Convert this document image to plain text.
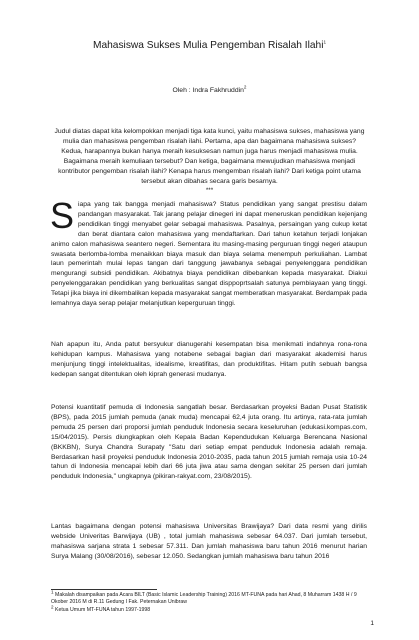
Mahasiswa Sukses Mulia Pengemban Risalah Ilahi$^1$

Oleh : Indra Fakhruddin$^2$

Judul diatas dapat kita kelompokkan menjadi tiga kata kunci, yaitu mahasiswa sukses, mahasiswa yang mulia dan mahasiswa pengemban risalah ilahi. Pertama, apa dan bagaimana mahasiswa sukses? Kedua, harapannya bukan hanya meraih kesuksesan namun juga harus menjadi mahasiswa mulia. Bagaimana meraih kemuliaan tersebut? Dan ketiga, bagaimana mewujudkan mahasiswa menjadi kontributor pengemban risalah ilahi? Kenapa harus mengemban risalah ilahi? Dari ketiga point utama tersebut akan dibahas secara garis besarnya.

***

Siapa yang tak bangga menjadi mahasiswa? Status pendidikan yang sangat prestisu dalam pandangan masyarakat. Tak jarang pelajar dinegeri ini dapat meneruskan pendidikan kejenjang pendidikan tinggi menyabet gelar sebagai mahasiswa. Pasalnya, persaingan yang cukup ketat dan berat diantara calon mahasiswa yang mendaftarkan. Dari tahun ketahun terjadi lonjakan animo calon mahasiswa seantero negeri. Sementara itu masing-masing perguruan tinggi negeri ataupun swasata berlomba-lomba menaikkan biaya masuk dan biaya selama menempuh perkuliahan. Lambat laun pemerintah mulai lepas tangan dari tanggung jawabanya sebagai penyelenggara pendidikan mengurangi subsidi pendidikan. Akibatnya biaya pendidikan dibebankan kepada masyarakat. Diakui penyelenggarakan pendidikan yang berkualitas sangat disppoprtsalah satunya pembiayaan yang tinggi. Tetapi jika biaya ini dikembalikan kepada masyarakat sangat memberatkan masyarakat. Berdampak pada lemahnya daya serap pelajar melanjutkan keperguruan tinggi.

Nah apapun itu, Anda patut bersyukur dianugerahi kesempatan bisa menikmati indahnya rona-rona kehidupan kampus. Mahasiswa yang notabene sebagai bagian dari masyarakat akademisi harus menjunjung tinggi intelektualitas, idealisme, kreatifitas, dan produktifitas. Hitam putih sebuah bangsa kedepan sangat ditentukan oleh kiprah generasi mudanya.

Potensi kuantitatif pemuda di Indonesia sangatlah besar. Berdasarkan proyeksi Badan Pusat Statistik (BPS), pada 2015 jumlah pemuda (anak muda) mencapai 62,4 juta orang. Itu artinya, rata-rata jumlah pemuda 25 persen dari proporsi jumlah penduduk Indonesia secara keseluruhan (edukasi.kompas.com, 15/04/2015). Persis diungkapkan oleh Kepala Badan Kependudukan Keluarga Berencana Nasional (BKKBN), Surya Chandra Surapaty "Satu dari setiap empat penduduk Indonesia adalah remaja. Berdasarkan hasil proyeksi penduduk Indonesia 2010-2035, pada tahun 2015 jumlah remaja usia 10-24 tahun di Indonesia mencapai lebih dari 66 juta jiwa atau sama dengan sekitar 25 persen dari jumlah penduduk Indonesia," ungkapnya (pikiran-rakyat.com, 23/08/2015).

Lantas bagaimana dengan potensi mahasiswa Universitas Brawijaya? Dari data resmi yang dirilis webside Univeritas Barwijaya (UB) , total jumlah mahasiswa sebesar 64.037. Dari jumlah tersebut, mahasiswa sarjana strata 1 sebesar 57.311. Dan jumlah mahasiswa baru tahun 2016 menurut harian Surya Malang (30/08/2016), sebesar 12.050. Sedangkan jumlah mahasiswa baru tahun 2016

$^1$ Makalah disampaikan pada Acara BILT (Basic Islamic Leadership Training) 2016 MT-FUNA pada hari Ahad, 8 Muharram 1438 H / 9 Okober 2016 M di R.11 Gedung I Fak. Peternakan Unibraw
$^2$ Ketua Umum MT-FUNA tahun 1997-1998

1
